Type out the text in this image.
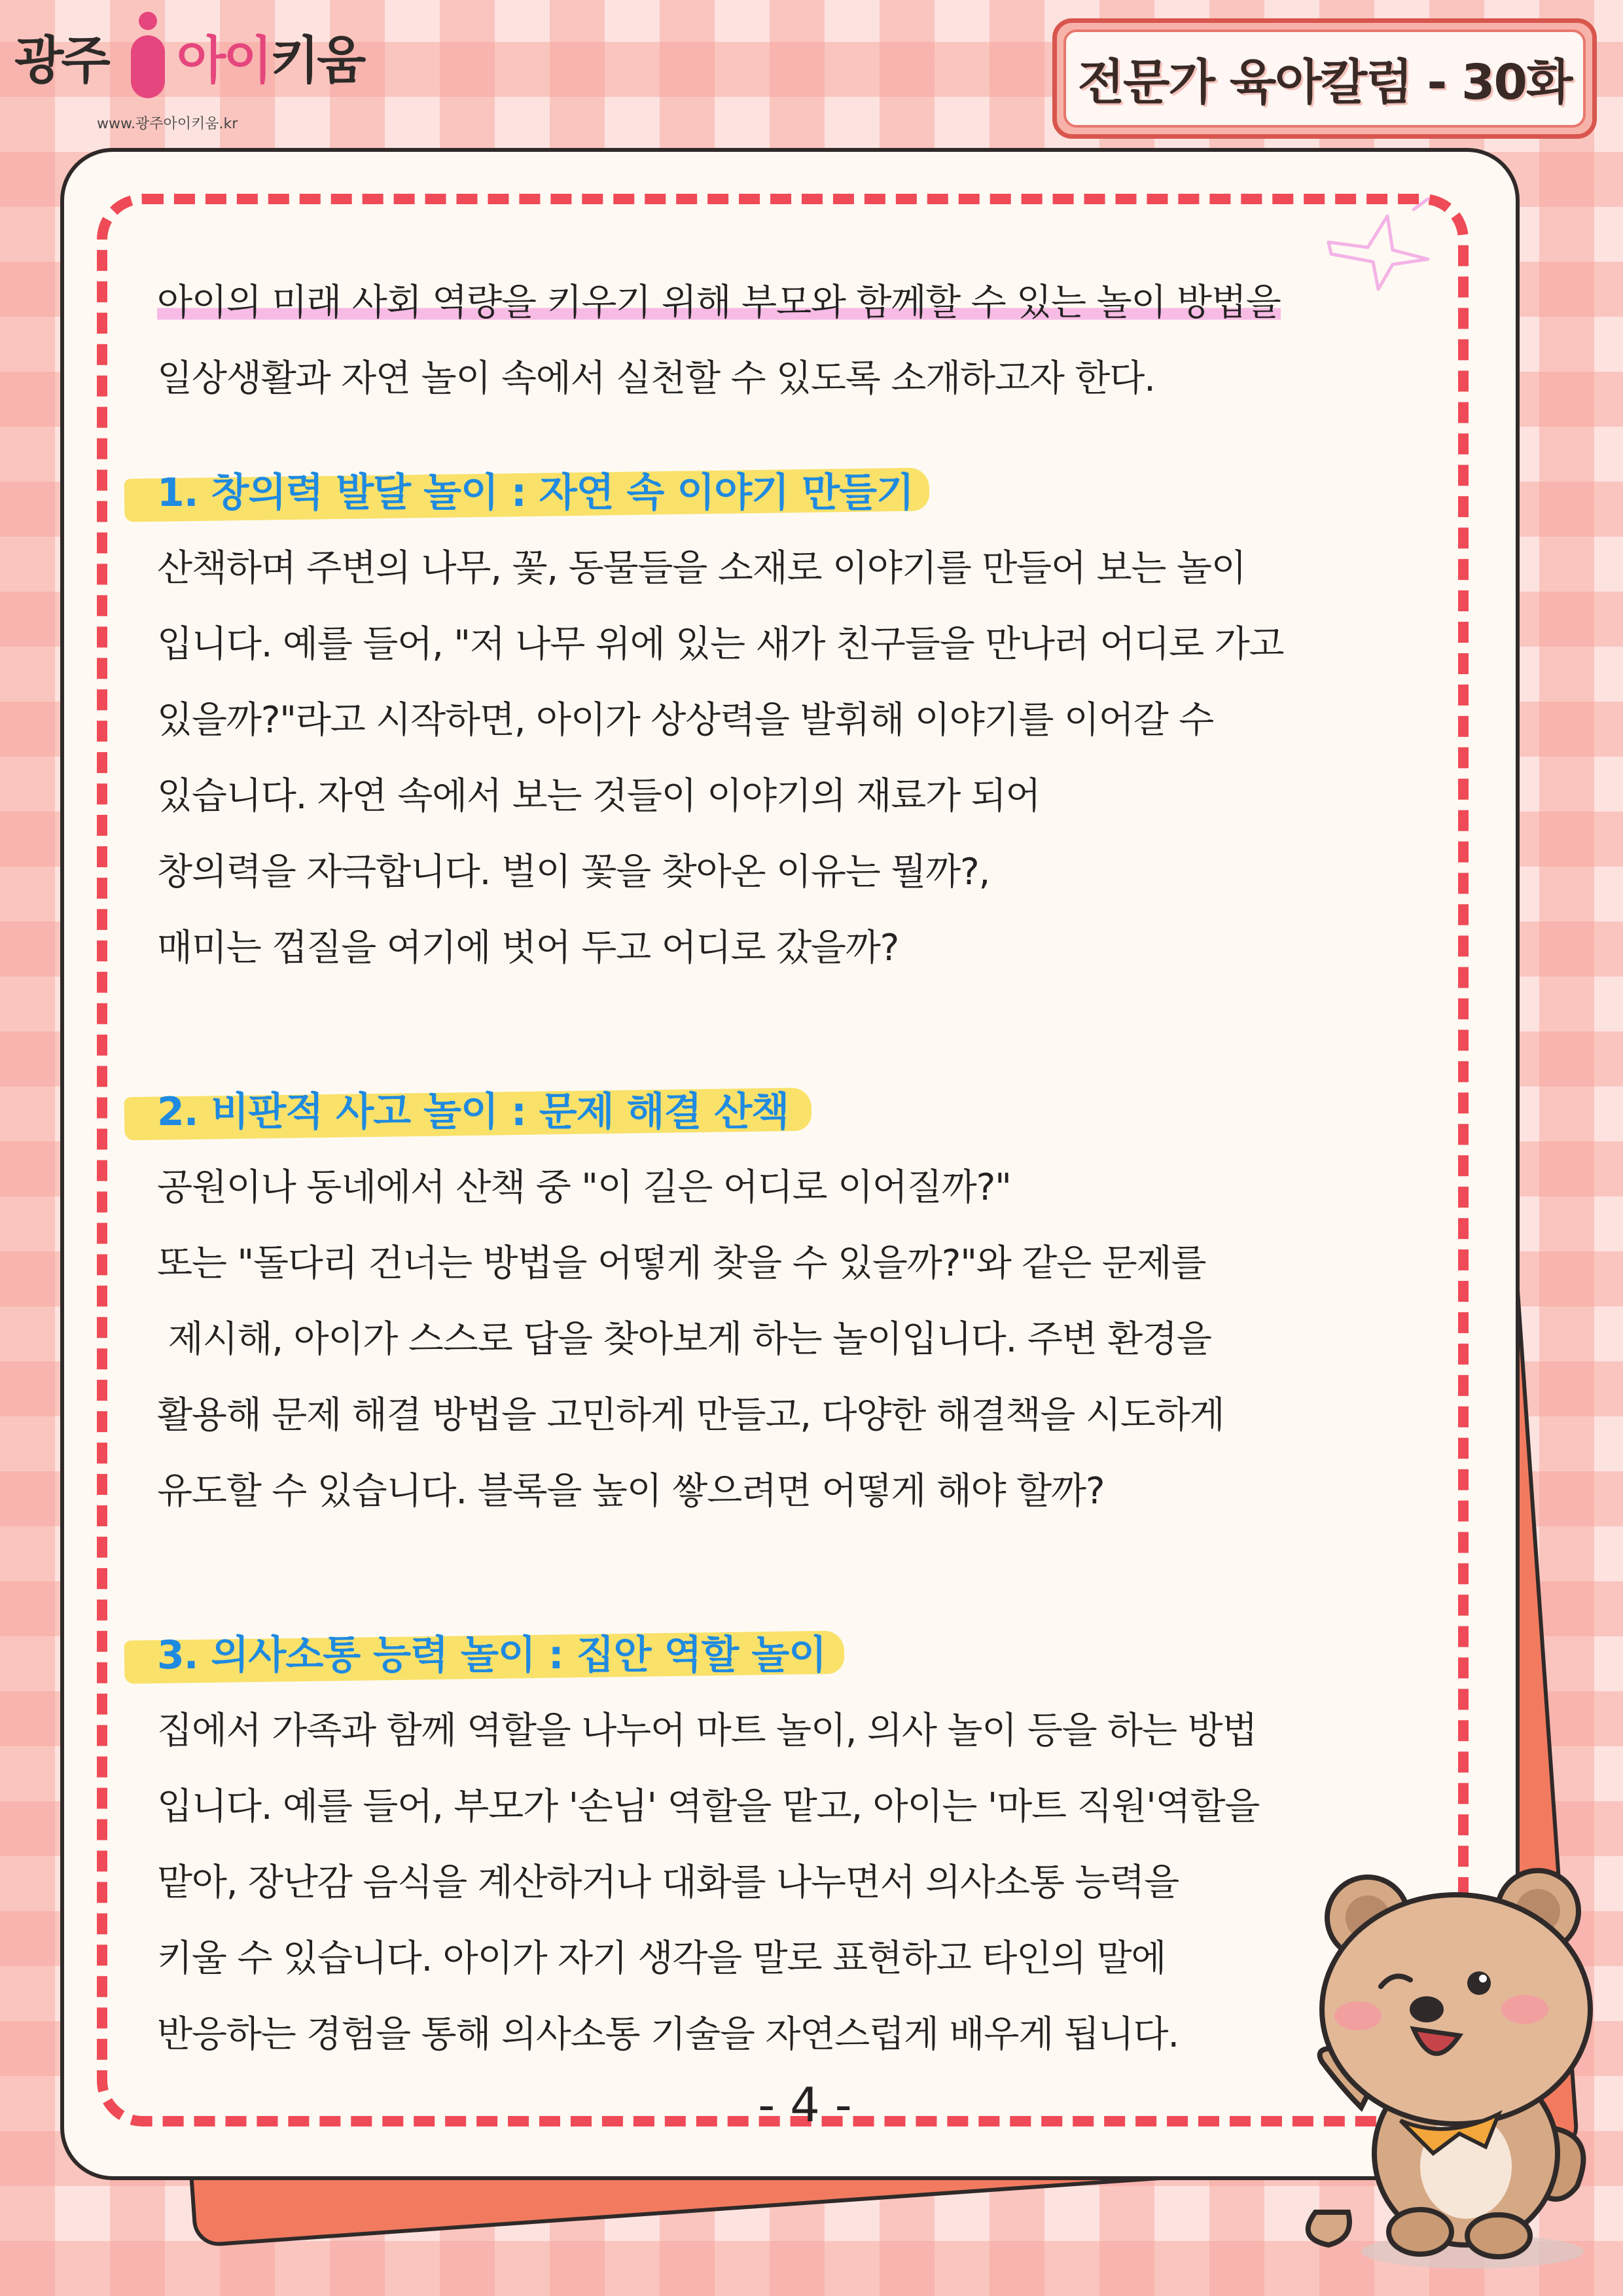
광주 아이키움
www.광주아이키움.kr
전문가 육아칼럼 - 30화
아이의 미래 사회 역량을 키우기 위해 부모와 함께할 수 있는 놀이 방법을
일상생활과 자연 놀이 속에서 실천할 수 있도록 소개하고자 한다.
1. 창의력 발달 놀이 : 자연 속 이야기 만들기
산책하며 주변의 나무, 꽃, 동물들을 소재로 이야기를 만들어 보는 놀이
입니다. 예를 들어, "저 나무 위에 있는 새가 친구들을 만나러 어디로 가고
있을까?"라고 시작하면, 아이가 상상력을 발휘해 이야기를 이어갈 수
있습니다. 자연 속에서 보는 것들이 이야기의 재료가 되어
창의력을 자극합니다. 벌이 꽃을 찾아온 이유는 뭘까?,
매미는 껍질을 여기에 벗어 두고 어디로 갔을까?
2. 비판적 사고 놀이 : 문제 해결 산책
공원이나 동네에서 산책 중 "이 길은 어디로 이어질까?"
또는 "돌다리 건너는 방법을 어떻게 찾을 수 있을까?"와 같은 문제를
제시해, 아이가 스스로 답을 찾아보게 하는 놀이입니다. 주변 환경을
활용해 문제 해결 방법을 고민하게 만들고, 다양한 해결책을 시도하게
유도할 수 있습니다. 블록을 높이 쌓으려면 어떻게 해야 할까?
3. 의사소통 능력 놀이 : 집안 역할 놀이
집에서 가족과 함께 역할을 나누어 마트 놀이, 의사 놀이 등을 하는 방법
입니다. 예를 들어, 부모가 '손님' 역할을 맡고, 아이는 '마트 직원'역할을
맡아, 장난감 음식을 계산하거나 대화를 나누면서 의사소통 능력을
키울 수 있습니다. 아이가 자기 생각을 말로 표현하고 타인의 말에
반응하는 경험을 통해 의사소통 기술을 자연스럽게 배우게 됩니다.
- 4 -
